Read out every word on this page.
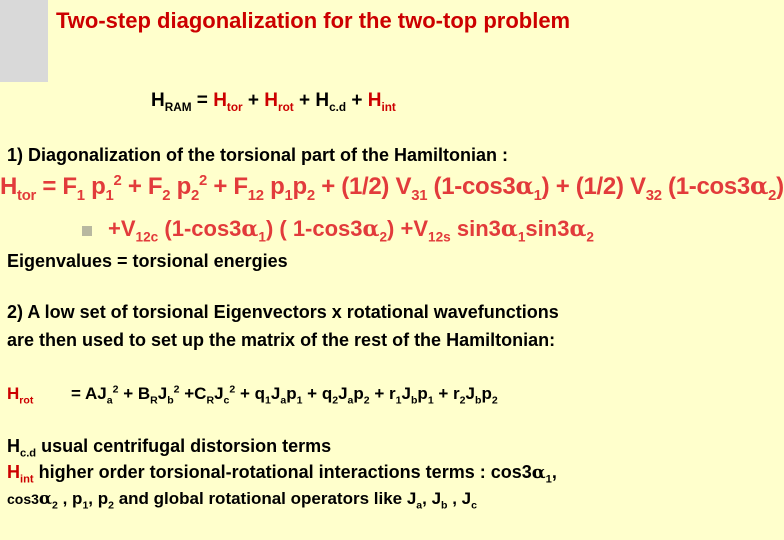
Two-step diagonalization for the two-top problem
$H_{RAM} = H_{tor} + H_{rot} + H_{c.d} + H_{int}$
1) Diagonalization of the torsional part of the Hamiltonian :
$H_{tor} = F_1$ $p_1^2 + F_2$ $p_2^2 + F_{12}$ $p_1p_2 + (1/2)$ $V_{31}$ $(1-\cos 3\alpha_1) + (1/2)$ $V_{32}$ $(1-\cos 3\alpha_2)$
$+V_{12c}$ $(1-\cos 3\alpha_1)$ ( $1-\cos 3\alpha_2) +V_{12s}$ $\sin 3\alpha_1\sin 3\alpha_2$
Eigenvalues = torsional energies
2) A low set of torsional Eigenvectors x rotational wavefunctions
are then used to set up the matrix of the rest of the Hamiltonian:
$H_{rot} = AJ_a^2 + B_RJ_b^2 +C_RJ_c^2 + q_1J_ap_1 + q_2J_ap_2 + r_1J_bp_1 + r_2J_bp_2$
$H_{c.d}$ usual centrifugal distorsion terms
$H_{int}$ higher order torsional-rotational interactions terms : $\cos 3\alpha_1$,
$\cos 3\alpha_2$ , $p_1$, $p_2$ and global rotational operators like $J_a$, $J_b$ , $J_c$
